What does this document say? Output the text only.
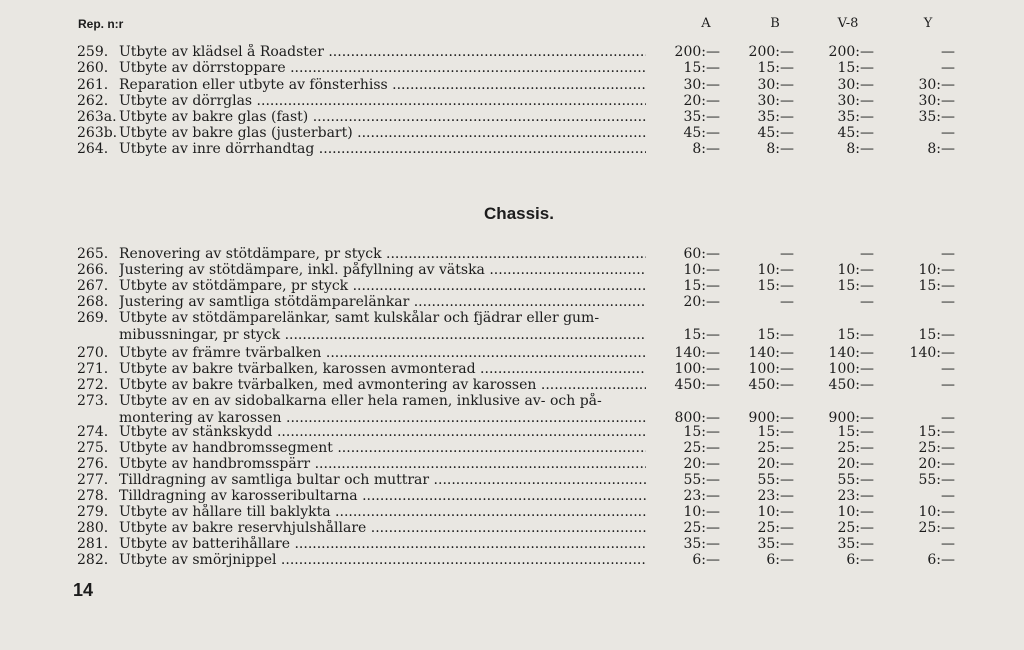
Rep. n:r	A	B	V-8	Y
259. Utbyte av klädsel å Roadster .....	200:—	200:—	200:—	—
260. Utbyte av dörrstoppare .....	15:—	15:—	15:—	—
261. Reparation eller utbyte av fönsterhiss .....	30:—	30:—	30:—	30:—
262. Utbyte av dörrglas .....	20:—	30:—	30:—	30:—
263a. Utbyte av bakre glas (fast) .....	35:—	35:—	35:—	35:—
263b. Utbyte av bakre glas (justerbart) .....	45:—	45:—	45:—	—
264. Utbyte av inre dörrhandtag .....	8:—	8:—	8:—	8:—
Chassis.
265. Renovering av stötdämpare, pr styck .....	60:—	—	—	—
266. Justering av stötdämpare, inkl. påfyllning av vätska .....	10:—	10:—	10:—	10:—
267. Utbyte av stötdämpare, pr styck .....	15:—	15:—	15:—	15:—
268. Justering av samtliga stötdämparelänkar .....	20:—	—	—	—
269. Utbyte av stötdämparelänkar, samt kulskålar och fjädrar eller gum-
mibussningar, pr styck .....	15:—	15:—	15:—	15:—
270. Utbyte av främre tvärbalken .....	140:—	140:—	140:—	140:—
271. Utbyte av bakre tvärbalken, karossen avmonterad .....	100:—	100:—	100:—	—
272. Utbyte av bakre tvärbalken, med avmontering av karossen .....	450:—	450:—	450:—	—
273. Utbyte av en av sidobalkarna eller hela ramen, inklusive av- och på-
montering av karossen .....	800:—	900:—	900:—	—
274. Utbyte av stänkskydd .....	15:—	15:—	15:—	15:—
275. Utbyte av handbromssegment .....	25:—	25:—	25:—	25:—
276. Utbyte av handbromsspärr .....	20:—	20:—	20:—	20:—
277. Tilldragning av samtliga bultar och muttrar .....	55:—	55:—	55:—	55:—
278. Tilldragning av karosseribultarna .....	23:—	23:—	23:—	—
279. Utbyte av hållare till baklykta .....	10:—	10:—	10:—	10:—
280. Utbyte av bakre reservhjulshållare .....	25:—	25:—	25:—	25:—
281. Utbyte av batterihållare .....	35:—	35:—	35:—	—
282. Utbyte av smörjnippel .....	6:—	6:—	6:—	6:—
14
